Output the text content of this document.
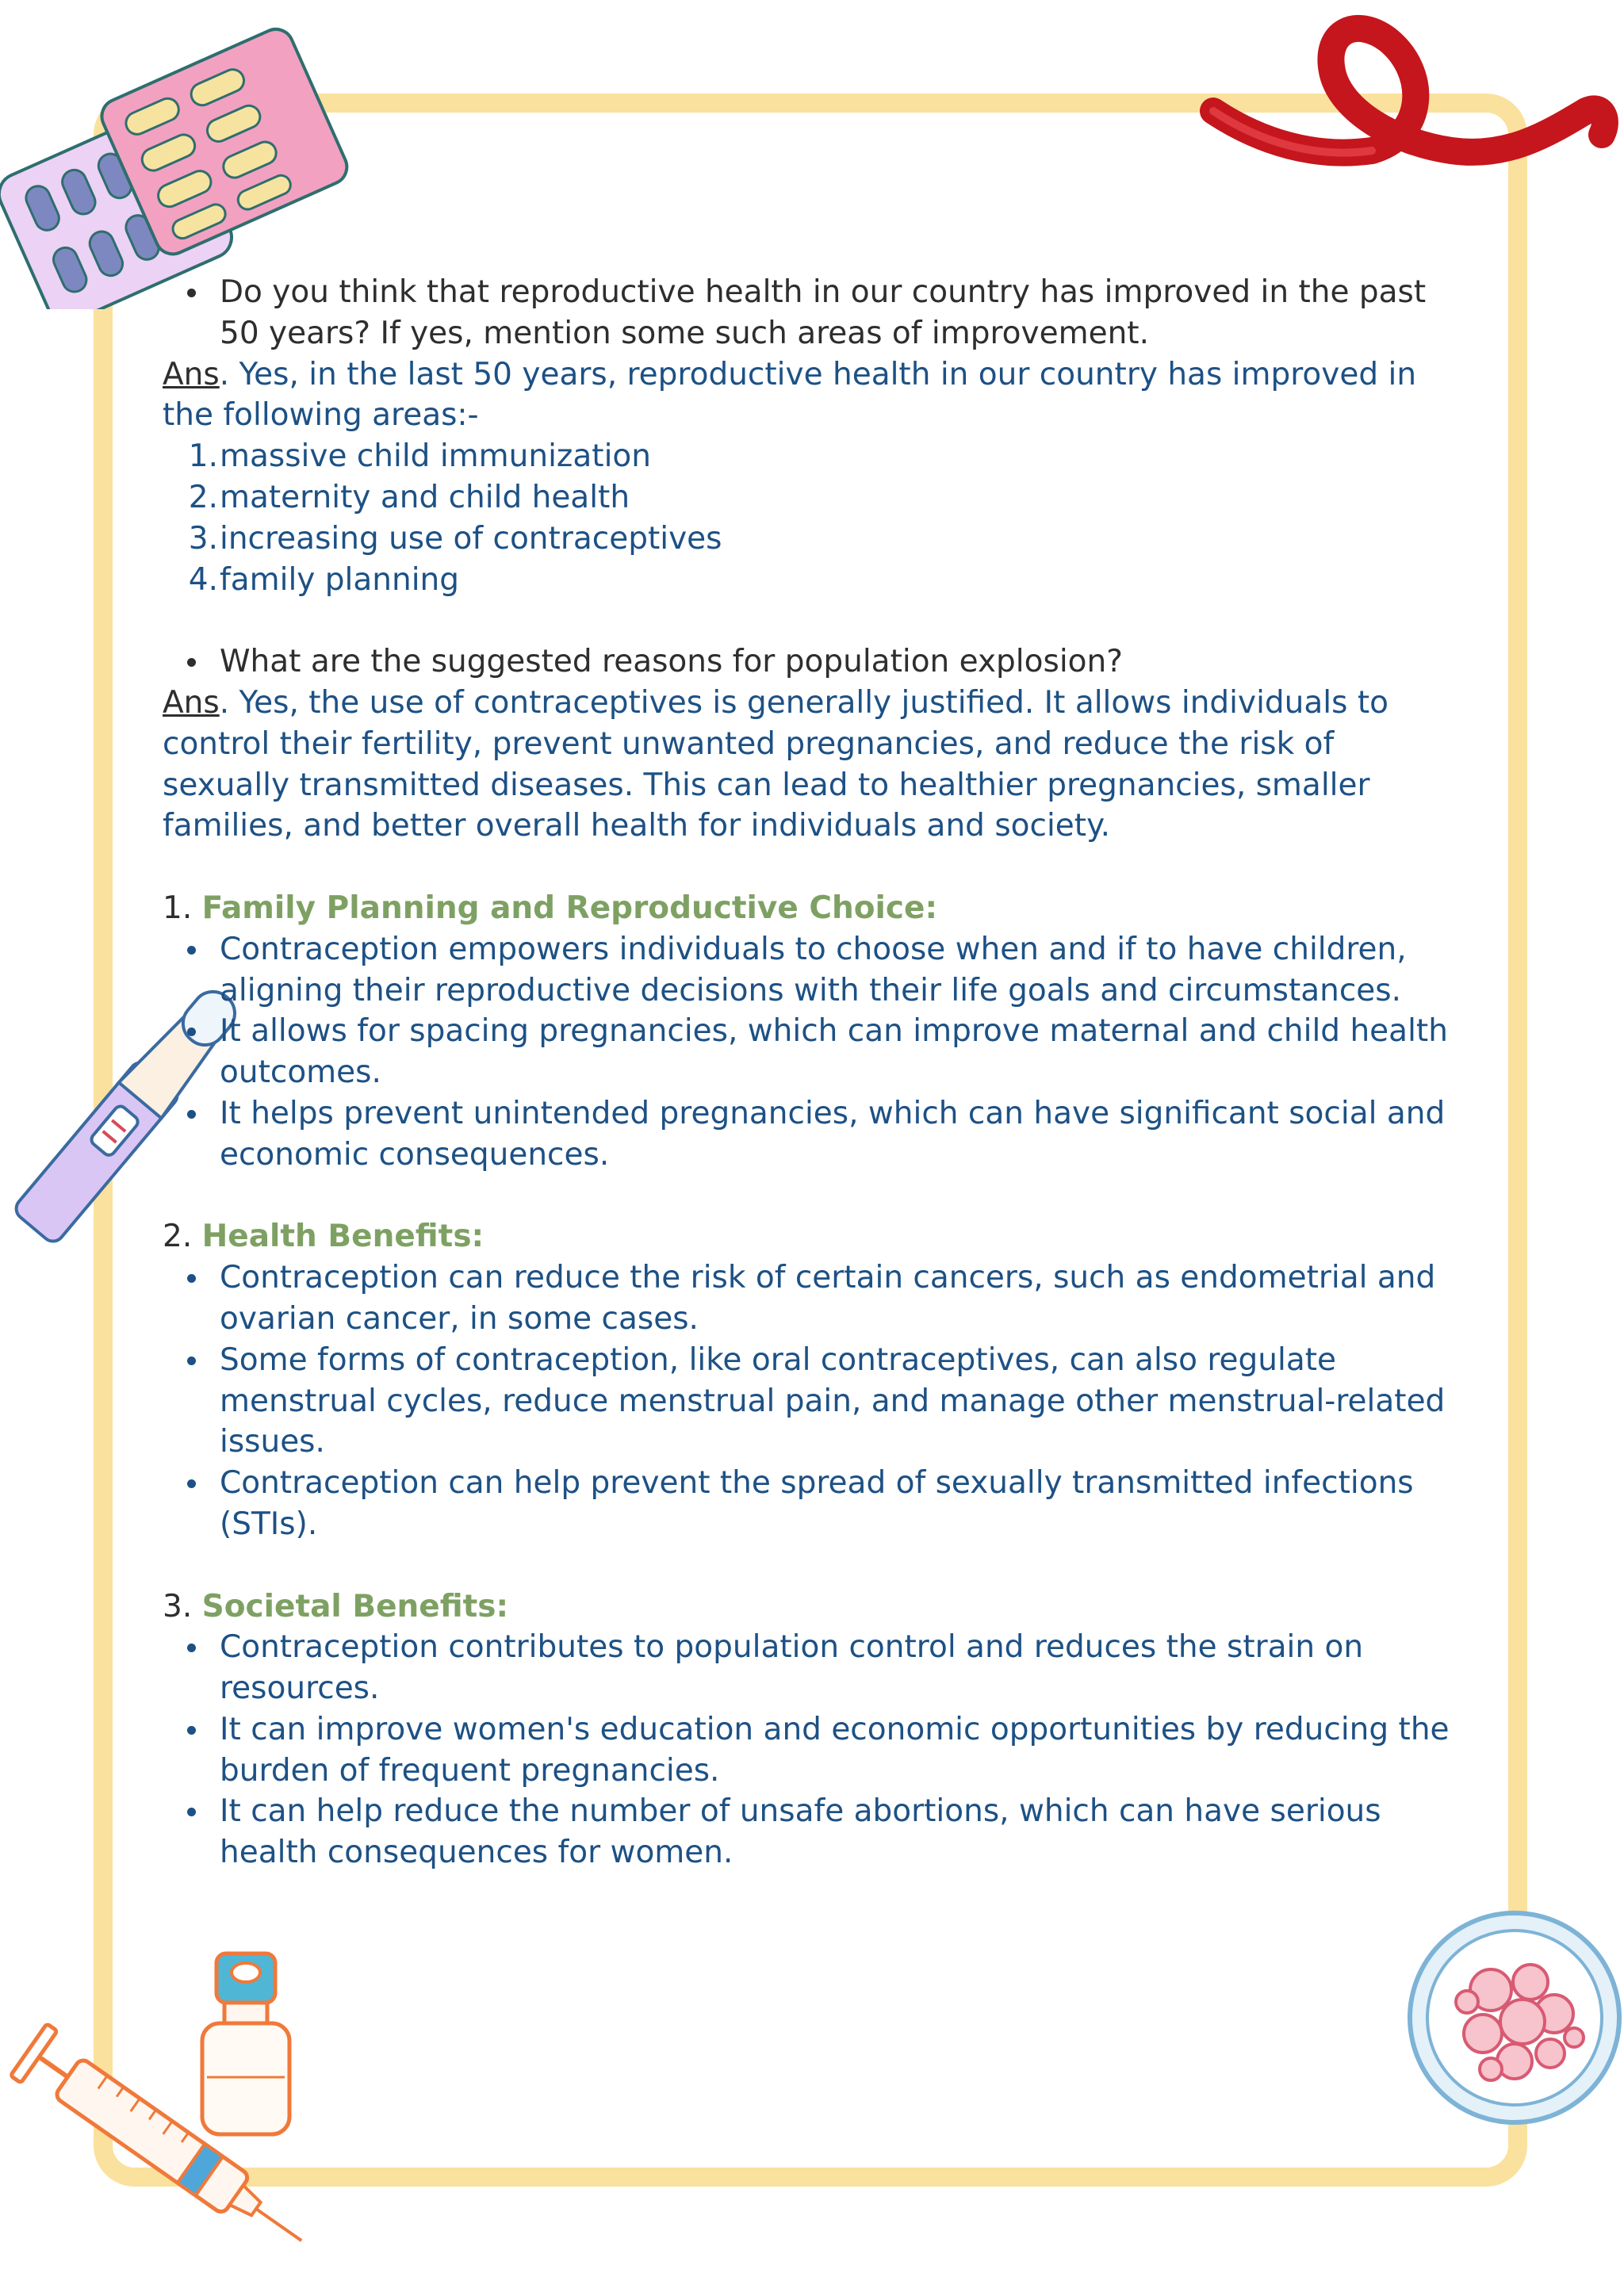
Do you think that reproductive health in our country has improved in the past 50 years? If yes, mention some such areas of improvement.

Ans. Yes, in the last 50 years, reproductive health in our country has improved in the following areas:-

1. massive child immunization
2. maternity and child health
3. increasing use of contraceptives
4. family planning
What are the suggested reasons for population explosion?

Ans. Yes, the use of contraceptives is generally justified. It allows individuals to control their fertility, prevent unwanted pregnancies, and reduce the risk of sexually transmitted diseases. This can lead to healthier pregnancies, smaller families, and better overall health for individuals and society.

1. Family Planning and Reproductive Choice:

Contraception empowers individuals to choose when and if to have children, aligning their reproductive decisions with their life goals and circumstances.
It allows for spacing pregnancies, which can improve maternal and child health outcomes.
It helps prevent unintended pregnancies, which can have significant social and economic consequences.

2. Health Benefits:

Contraception can reduce the risk of certain cancers, such as endometrial and ovarian cancer, in some cases.
Some forms of contraception, like oral contraceptives, can also regulate menstrual cycles, reduce menstrual pain, and manage other menstrual-related issues.
Contraception can help prevent the spread of sexually transmitted infections (STIs).

3. Societal Benefits:

Contraception contributes to population control and reduces the strain on resources.
It can improve women's education and economic opportunities by reducing the burden of frequent pregnancies.
It can help reduce the number of unsafe abortions, which can have serious health consequences for women.
